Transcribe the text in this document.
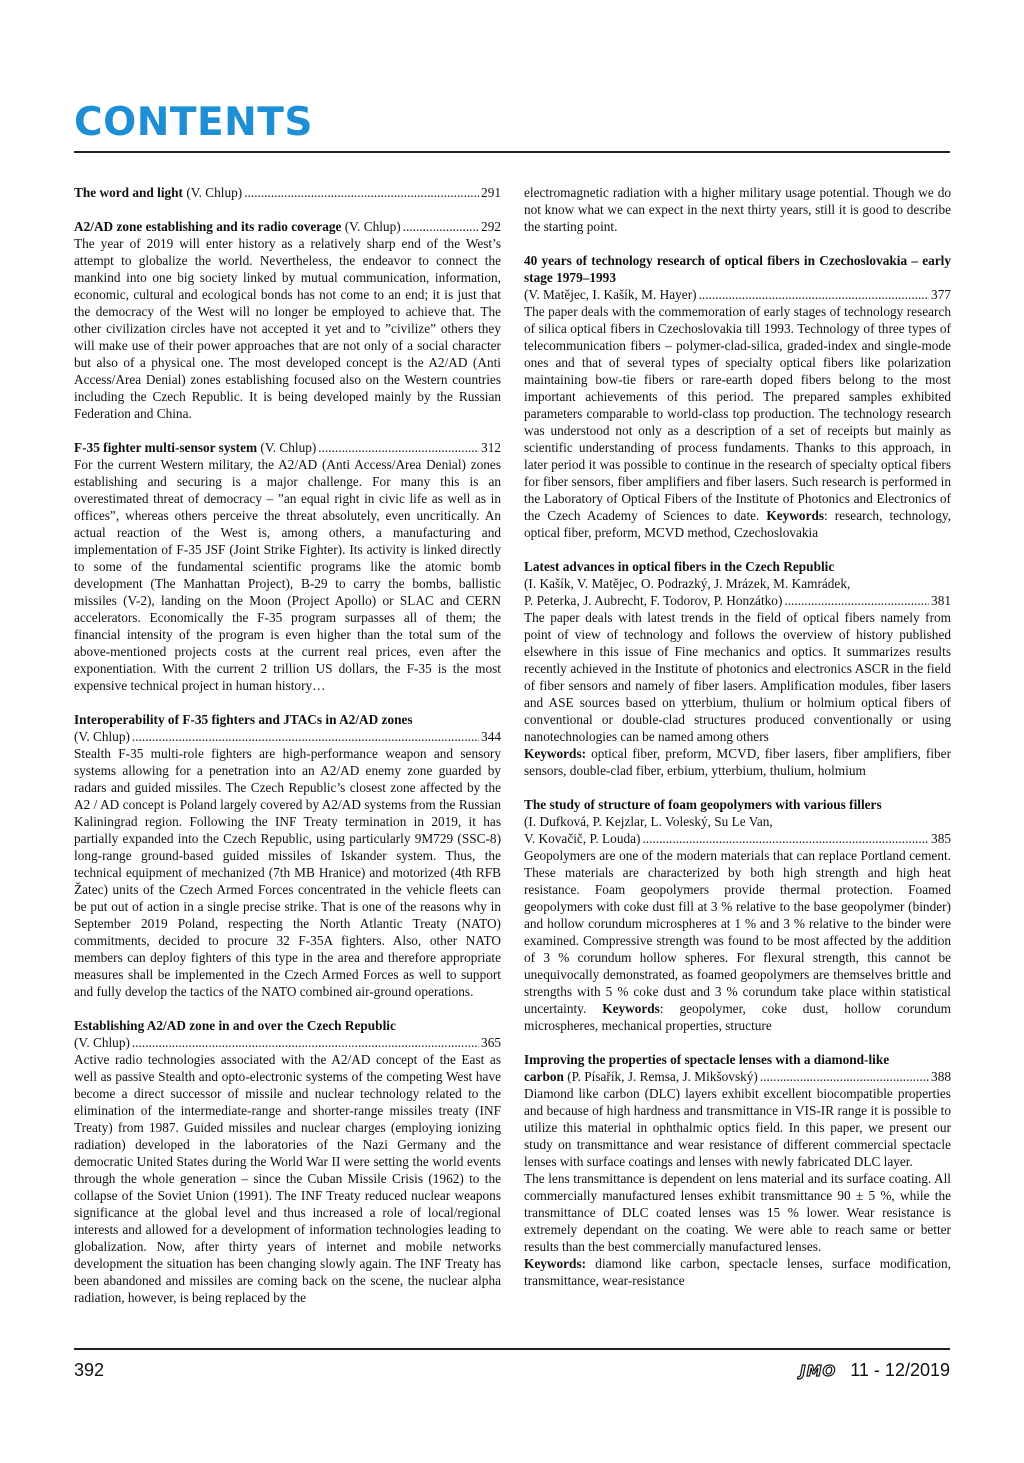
CONTENTS
The word and light (V. Chlup) .....	291
A2/AD zone establishing and its radio coverage (V. Chlup) .....	292

The year of 2019 will enter history as a relatively sharp end of the West’s attempt to globalize the world. Nevertheless, the endeavor to connect the mankind into one big society linked by mutual communication, information, economic, cultural and ecological bonds has not come to an end; it is just that the democracy of the West will no longer be employed to achieve that. The other civilization circles have not accepted it yet and to ”civilize” others they will make use of their power approaches that are not only of a social character but also of a physical one. The most developed concept is the A2/AD (Anti Access/Area Denial) zones establishing focused also on the Western countries including the Czech Republic. It is being developed mainly by the Russian Federation and China.

F-35 fighter multi-sensor system (V. Chlup) .....	312

For the current Western military, the A2/AD (Anti Access/Area Denial) zones establishing and securing is a major challenge. For many this is an overestimated threat of democracy – ”an equal right in civic life as well as in offices”, whereas others perceive the threat absolutely, even uncritically. An actual reaction of the West is, among others, a manufacturing and implementation of F-35 JSF (Joint Strike Fighter). Its activity is linked directly to some of the fundamental scientific programs like the atomic bomb development (The Manhattan Project), B-29 to carry the bombs, ballistic missiles (V-2), landing on the Moon (Project Apollo) or SLAC and CERN accelerators. Economically the F-35 program surpasses all of them; the financial intensity of the program is even higher than the total sum of the above-mentioned projects costs at the current real prices, even after the exponentiation. With the current 2 trillion US dollars, the F-35 is the most expensive technical project in human history…

Interoperability of F-35 fighters and JTACs in A2/AD zones

(V. Chlup) .....	344

Stealth F-35 multi-role fighters are high-performance weapon and sensory systems allowing for a penetration into an A2/AD enemy zone guarded by radars and guided missiles. The Czech Republic’s closest zone affected by the A2 / AD concept is Poland largely covered by A2/AD systems from the Russian Kaliningrad region. Following the INF Treaty termination in 2019, it has partially expanded into the Czech Republic, using particularly 9M729 (SSC-8) long-range ground-based guided missiles of Iskander system. Thus, the technical equipment of mechanized (7th MB Hranice) and motorized (4th RFB Žatec) units of the Czech Armed Forces concentrated in the vehicle fleets can be put out of action in a single precise strike. That is one of the reasons why in September 2019 Poland, respecting the North Atlantic Treaty (NATO) commitments, decided to procure 32 F-35A fighters. Also, other NATO members can deploy fighters of this type in the area and therefore appropriate measures shall be implemented in the Czech Armed Forces as well to support and fully develop the tactics of the NATO combined air-ground operations.

Establishing A2/AD zone in and over the Czech Republic

(V. Chlup) .....	365

Active radio technologies associated with the A2/AD concept of the East as well as passive Stealth and opto-electronic systems of the competing West have become a direct successor of missile and nuclear technology related to the elimination of the intermediate-range and shorter-range missiles treaty (INF Treaty) from 1987. Guided missiles and nuclear charges (employing ionizing radiation) developed in the laboratories of the Nazi Germany and the democratic United States during the World War II were setting the world events through the whole generation – since the Cuban Missile Crisis (1962) to the collapse of the Soviet Union (1991). The INF Treaty reduced nuclear weapons significance at the global level and thus increased a role of local/regional interests and allowed for a development of information technologies leading to globalization. Now, after thirty years of internet and mobile networks development the situation has been changing slowly again. The INF Treaty has been abandoned and missiles are coming back on the scene, the nuclear alpha radiation, however, is being replaced by the

electromagnetic radiation with a higher military usage potential. Though we do not know what we can expect in the next thirty years, still it is good to describe the starting point.

40 years of technology research of optical fibers in Czechoslovakia – early stage 1979–1993

(V. Matějec, I. Kašík, M. Hayer) .....	377

The paper deals with the commemoration of early stages of technology research of silica optical fibers in Czechoslovakia till 1993. Technology of three types of telecommunication fibers – polymer-clad-silica, graded-index and single-mode ones and that of several types of specialty optical fibers like polarization maintaining bow-tie fibers or rare-earth doped fibers belong to the most important achievements of this period. The prepared samples exhibited parameters comparable to world-class top production. The technology research was understood not only as a description of a set of receipts but mainly as scientific understanding of process fundaments. Thanks to this approach, in later period it was possible to continue in the research of specialty optical fibers for fiber sensors, fiber amplifiers and fiber lasers. Such research is performed in the Laboratory of Optical Fibers of the Institute of Photonics and Electronics of the Czech Academy of Sciences to date. Keywords: research, technology, optical fiber, preform, MCVD method, Czechoslovakia

Latest advances in optical fibers in the Czech Republic

(I. Kašík, V. Matějec, O. Podrazký, J. Mrázek, M. Kamrádek,

P. Peterka, J. Aubrecht, F. Todorov, P. Honzátko) .....	381

The paper deals with latest trends in the field of optical fibers namely from point of view of technology and follows the overview of history published elsewhere in this issue of Fine mechanics and optics. It summarizes results recently achieved in the Institute of photonics and electronics ASCR in the field of fiber sensors and namely of fiber lasers. Amplification modules, fiber lasers and ASE sources based on ytterbium, thulium or holmium optical fibers of conventional or double-clad structures produced conventionally or using nanotechnologies can be named among others

Keywords: optical fiber, preform, MCVD, fiber lasers, fiber amplifiers, fiber sensors, double-clad fiber, erbium, ytterbium, thulium, holmium

The study of structure of foam geopolymers with various fillers

(I. Dufková, P. Kejzlar, L. Voleský, Su Le Van,

V. Kovačič, P. Louda) .....	385

Geopolymers are one of the modern materials that can replace Portland cement. These materials are characterized by both high strength and high heat resistance. Foam geopolymers provide thermal protection. Foamed geopolymers with coke dust fill at 3 % relative to the base geopolymer (binder) and hollow corundum microspheres at 1 % and 3 % relative to the binder were examined. Compressive strength was found to be most affected by the addition of 3 % corundum hollow spheres. For flexural strength, this cannot be unequivocally demonstrated, as foamed geopolymers are themselves brittle and strengths with 5 % coke dust and 3 % corundum take place within statistical uncertainty. Keywords: geopolymer, coke dust, hollow corundum microspheres, mechanical properties, structure

Improving the properties of spectacle lenses with a diamond-like

carbon (P. Písařík, J. Remsa, J. Mikšovský) .....	388

Diamond like carbon (DLC) layers exhibit excellent biocompatible properties and because of high hardness and transmittance in VIS-IR range it is possible to utilize this material in ophthalmic optics field. In this paper, we present our study on transmittance and wear resistance of different commercial spectacle lenses with surface coatings and lenses with newly fabricated DLC layer.

The lens transmittance is dependent on lens material and its surface coating. All commercially manufactured lenses exhibit transmittance 90 ± 5 %, while the transmittance of DLC coated lenses was 15 % lower. Wear resistance is extremely dependant on the coating. We were able to reach same or better results than the best commercially manufactured lenses.

Keywords: diamond like carbon, spectacle lenses, surface modification, transmittance, wear-resistance

392	JMO 11 - 12/2019
